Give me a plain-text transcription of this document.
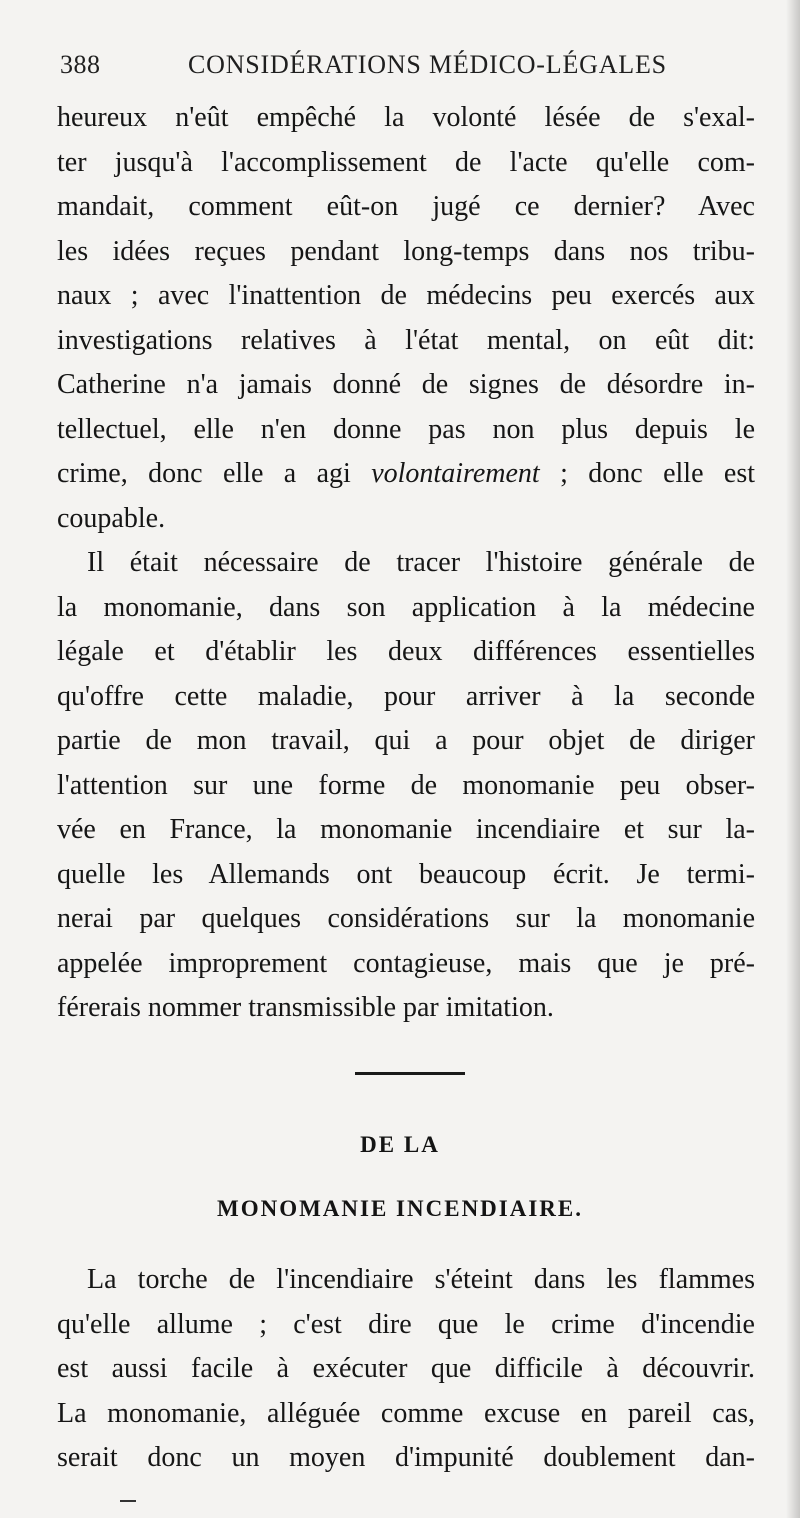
388	CONSIDÉRATIONS MÉDICO-LÉGALES
heureux n'eût empêché la volonté lésée de s'exal-
ter jusqu'à l'accomplissement de l'acte qu'elle com-
mandait, comment eût-on jugé ce dernier? Avec
les idées reçues pendant long-temps dans nos tribu-
naux ; avec l'inattention de médecins peu exercés aux
investigations relatives à l'état mental, on eût dit:
Catherine n'a jamais donné de signes de désordre in-
tellectuel, elle n'en donne pas non plus depuis le
crime, donc elle a agi volontairement ; donc elle est
coupable.
Il était nécessaire de tracer l'histoire générale de
la monomanie, dans son application à la médecine
légale et d'établir les deux différences essentielles
qu'offre cette maladie, pour arriver à la seconde
partie de mon travail, qui a pour objet de diriger
l'attention sur une forme de monomanie peu obser-
vée en France, la monomanie incendiaire et sur la-
quelle les Allemands ont beaucoup écrit. Je termi-
nerai par quelques considérations sur la monomanie
appelée improprement contagieuse, mais que je pré-
férerais nommer transmissible par imitation.
DE LA
MONOMANIE INCENDIAIRE.
La torche de l'incendiaire s'éteint dans les flammes
qu'elle allume ; c'est dire que le crime d'incendie
est aussi facile à exécuter que difficile à découvrir.
La monomanie, alléguée comme excuse en pareil cas,
serait donc un moyen d'impunité doublement dan-
